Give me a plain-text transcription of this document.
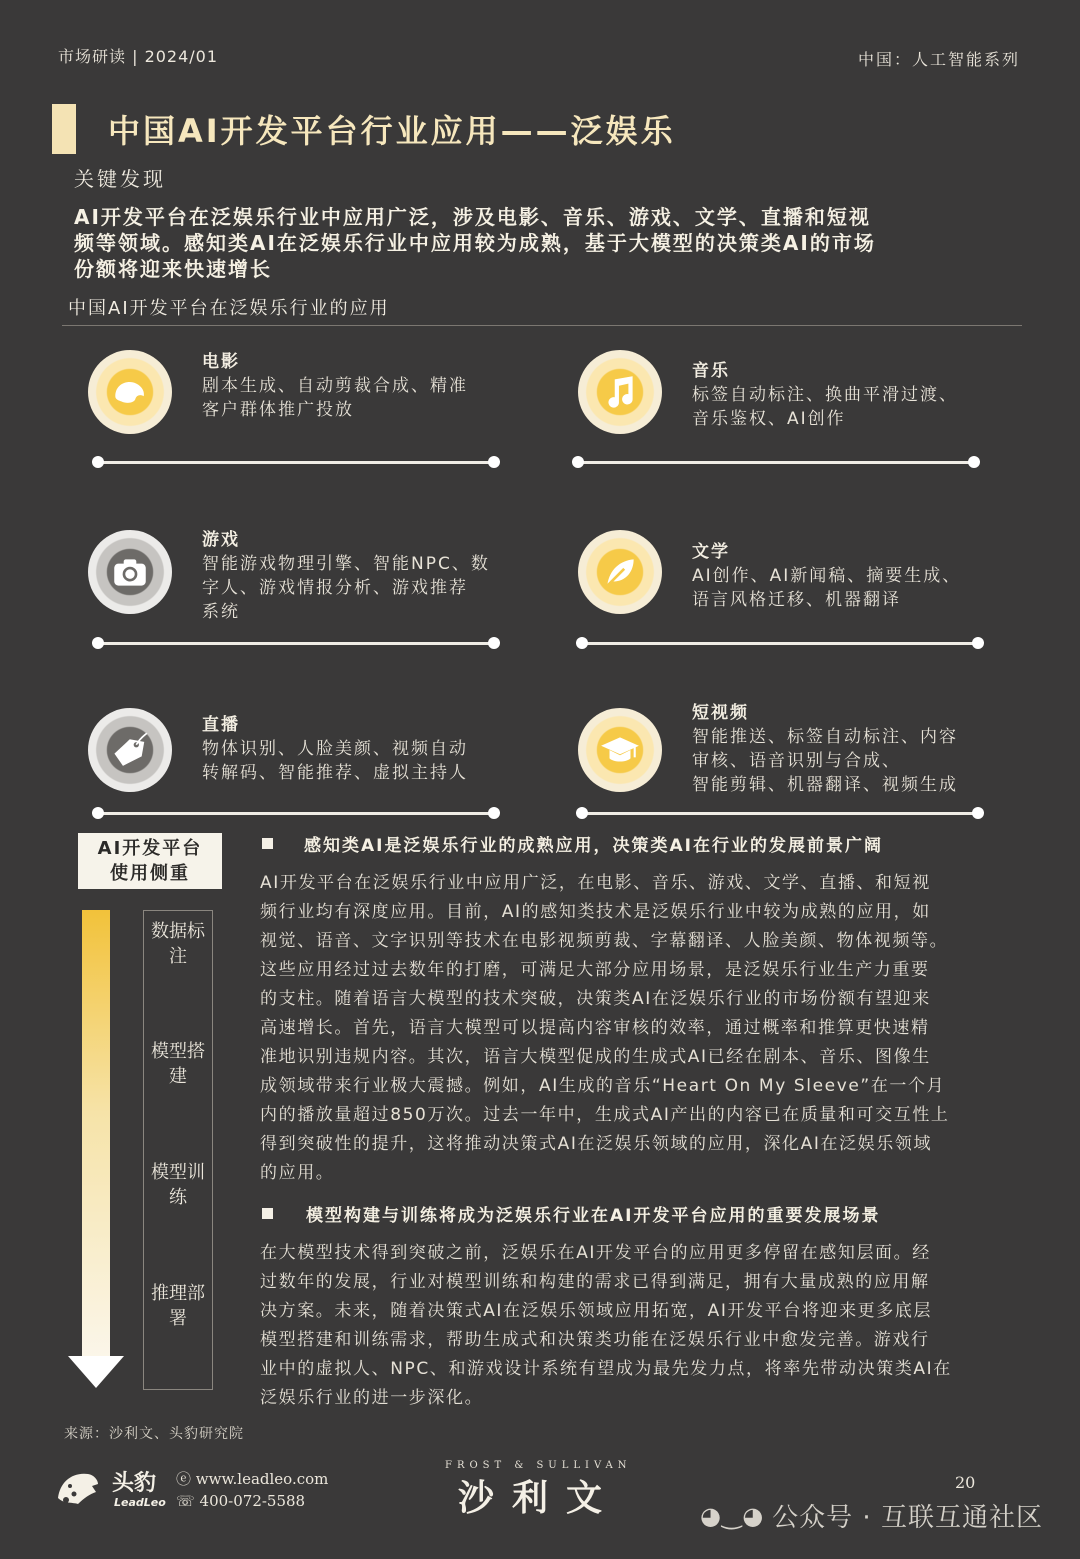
市场研读 | 2024/01	中国：人工智能系列
中国AI开发平台行业应用——泛娱乐
关键发现
AI开发平台在泛娱乐行业中应用广泛，涉及电影、音乐、游戏、文学、直播和短视
频等领域。感知类AI在泛娱乐行业中应用较为成熟，基于大模型的决策类AI的市场
份额将迎来快速增长
中国AI开发平台在泛娱乐行业的应用
电影
剧本生成、自动剪裁合成、精准
客户群体推广投放
音乐
标签自动标注、换曲平滑过渡、
音乐鉴权、AI创作
游戏
智能游戏物理引擎、智能NPC、数
字人、游戏情报分析、游戏推荐
系统
文学
AI创作、AI新闻稿、摘要生成、
语言风格迁移、机器翻译
直播
物体识别、人脸美颜、视频自动
转解码、智能推荐、虚拟主持人
短视频
智能推送、标签自动标注、内容
审核、语音识别与合成、
智能剪辑、机器翻译、视频生成
AI开发平台
使用侧重
数据标注
模型搭建
模型训练
推理部署
感知类AI是泛娱乐行业的成熟应用，决策类AI在行业的发展前景广阔

AI开发平台在泛娱乐行业中应用广泛，在电影、音乐、游戏、文学、直播、和短视

频行业均有深度应用。目前，AI的感知类技术是泛娱乐行业中较为成熟的应用，如

视觉、语音、文字识别等技术在电影视频剪裁、字幕翻译、人脸美颜、物体视频等。

这些应用经过过去数年的打磨，可满足大部分应用场景，是泛娱乐行业生产力重要

的支柱。随着语言大模型的技术突破，决策类AI在泛娱乐行业的市场份额有望迎来

高速增长。首先，语言大模型可以提高内容审核的效率，通过概率和推算更快速精

准地识别违规内容。其次，语言大模型促成的生成式AI已经在剧本、音乐、图像生

成领域带来行业极大震撼。例如，AI生成的音乐“Heart On My Sleeve”在一个月

内的播放量超过850万次。过去一年中，生成式AI产出的内容已在质量和可交互性上

得到突破性的提升，这将推动决策式AI在泛娱乐领域的应用，深化AI在泛娱乐领域

的应用。

模型构建与训练将成为泛娱乐行业在AI开发平台应用的重要发展场景

在大模型技术得到突破之前，泛娱乐在AI开发平台的应用更多停留在感知层面。经

过数年的发展，行业对模型训练和构建的需求已得到满足，拥有大量成熟的应用解

决方案。未来，随着决策式AI在泛娱乐领域应用拓宽，AI开发平台将迎来更多底层

模型搭建和训练需求，帮助生成式和决策类功能在泛娱乐行业中愈发完善。游戏行

业中的虚拟人、NPC、和游戏设计系统有望成为最先发力点，将率先带动决策类AI在

泛娱乐行业的进一步深化。

来源：沙利文、头豹研究院
头豹
LeadLeo
ⓔ www.leadleo.com
☏ 400-072-5588
FROST & SULLIVAN
沙利文	20
◕‿◕ 公众号 · 互联互通社区
